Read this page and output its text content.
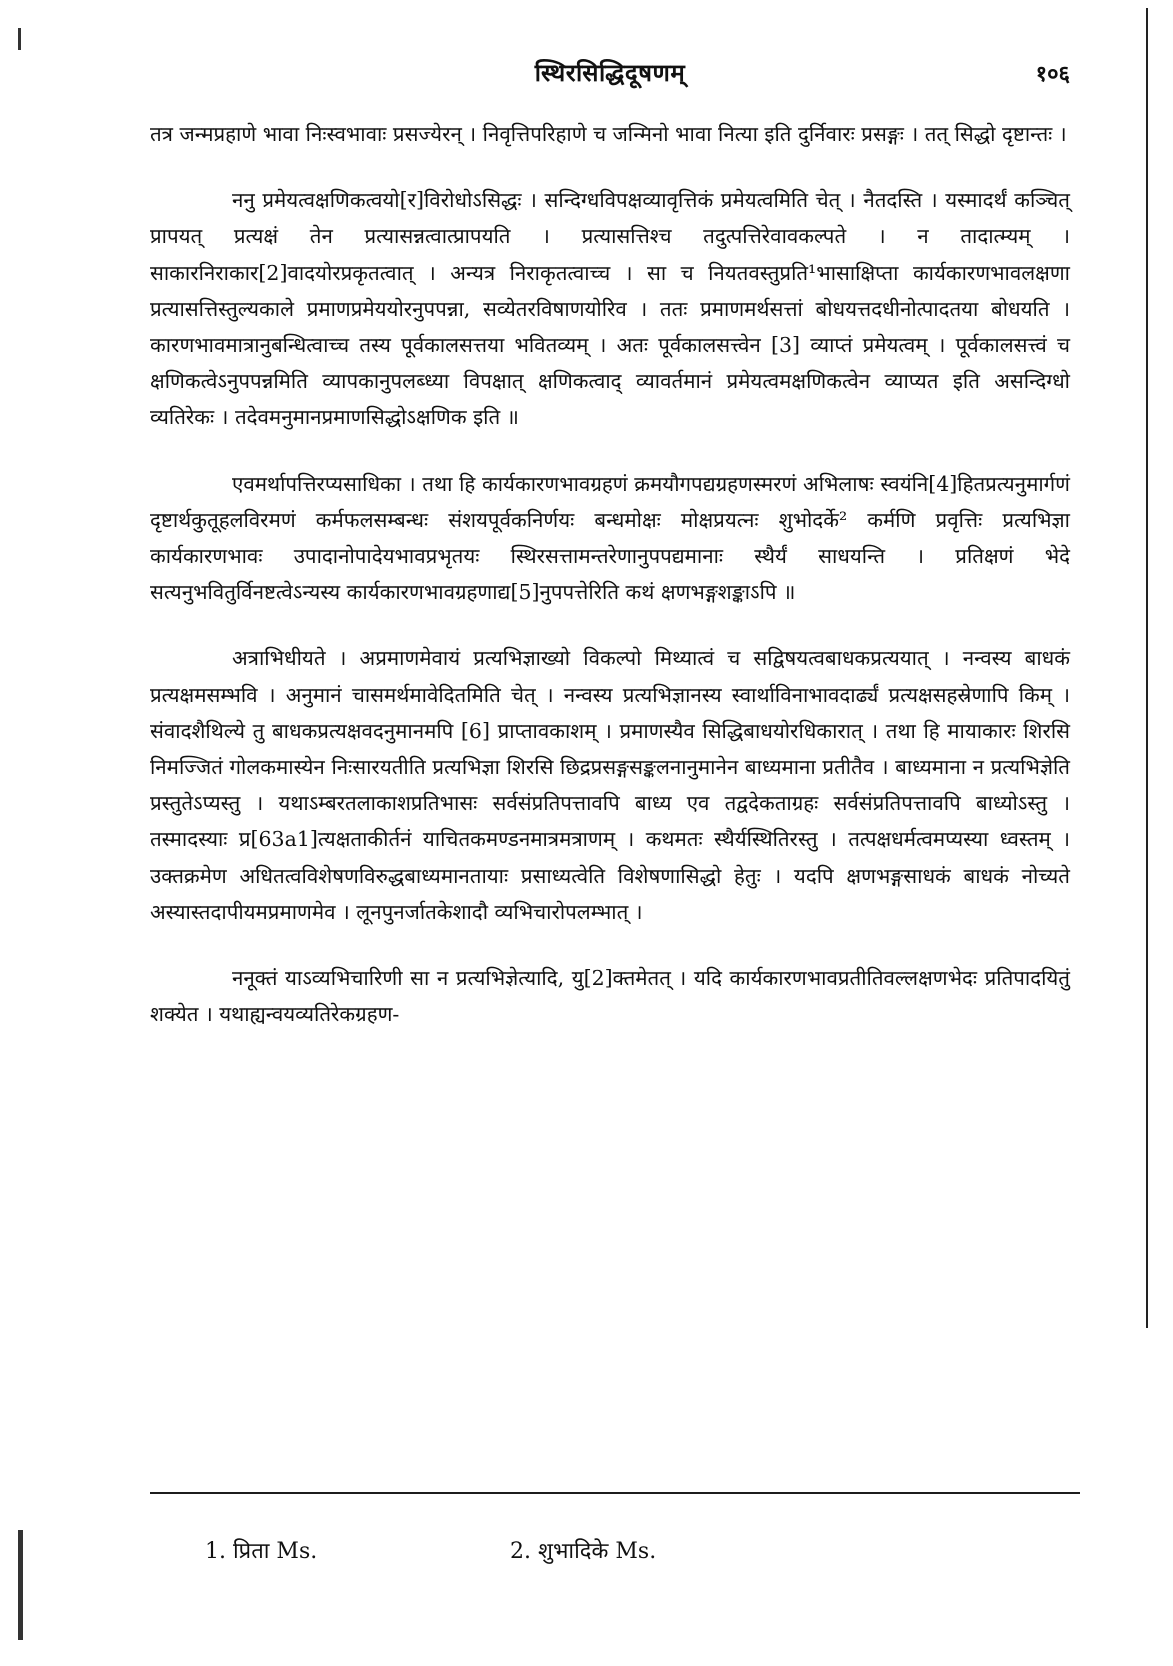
स्थिरसिद्धिदूषणम्	१०६

तत्र जन्मप्रहाणे भावा निःस्वभावाः प्रसज्येरन् । निवृत्तिपरिहाणे च जन्मिनो भावा नित्या इति दुर्निवारः प्रसङ्गः । तत् सिद्धो दृष्टान्तः ।

ननु प्रमेयत्वक्षणिकत्वयो[र]विरोधोऽसिद्धः । सन्दिग्धविपक्षव्यावृत्तिकं प्रमेयत्वमिति चेत् । नैतदस्ति । यस्मादर्थं कञ्चित् प्रापयत् प्रत्यक्षं तेन प्रत्यासन्नत्वात्प्रापयति । प्रत्यासत्तिश्च तदुत्पत्तिरेवावकल्पते । न तादात्म्यम् । साकारनिराकार[2]वादयोरप्रकृतत्वात् । अन्यत्र निराकृतत्वाच्च । सा च नियतवस्तुप्रति¹भासाक्षिप्ता कार्यकारणभावलक्षणा प्रत्यासत्तिस्तुल्यकाले प्रमाणप्रमेययोरनुपपन्ना, सव्येतरविषाणयोरिव । ततः प्रमाणमर्थसत्तां बोधयत्तदधीनोत्पादतया बोधयति । कारणभावमात्रानुबन्धित्वाच्च तस्य पूर्वकालसत्तया भवितव्यम् । अतः पूर्वकालसत्त्वेन [3] व्याप्तं प्रमेयत्वम् । पूर्वकालसत्त्वं च क्षणिकत्वेऽनुपपन्नमिति व्यापकानुपलब्ध्या विपक्षात् क्षणिकत्वाद् व्यावर्तमानं प्रमेयत्वमक्षणिकत्वेन व्याप्यत इति असन्दिग्धो व्यतिरेकः । तदेवमनुमानप्रमाणसिद्धोऽक्षणिक इति ॥

एवमर्थापत्तिरप्यसाधिका । तथा हि कार्यकारणभावग्रहणं क्रमयौगपद्यग्रहणस्मरणं अभिलाषः स्वयंनि[4]हितप्रत्यनुमार्गणं दृष्टार्थकुतूहलविरमणं कर्मफलसम्बन्धः संशयपूर्वकनिर्णयः बन्धमोक्षः मोक्षप्रयत्नः शुभोदर्के² कर्मणि प्रवृत्तिः प्रत्यभिज्ञा कार्यकारणभावः उपादानोपादेयभावप्रभृतयः स्थिरसत्तामन्तरेणानुपपद्यमानाः स्थैर्यं साधयन्ति । प्रतिक्षणं भेदे सत्यनुभवितुर्विनष्टत्वेऽन्यस्य कार्यकारणभावग्रहणाद्य[5]नुपपत्तेरिति कथं क्षणभङ्गशङ्काऽपि ॥

अत्राभिधीयते । अप्रमाणमेवायं प्रत्यभिज्ञाख्यो विकल्पो मिथ्यात्वं च सद्विषयत्वबाधकप्रत्ययात् । नन्वस्य बाधकं प्रत्यक्षमसम्भवि । अनुमानं चासमर्थमावेदितमिति चेत् । नन्वस्य प्रत्यभिज्ञानस्य स्वार्थाविनाभावदार्ढ्यं प्रत्यक्षसहस्रेणापि किम् । संवादशैथिल्ये तु बाधकप्रत्यक्षवदनुमानमपि [6] प्राप्तावकाशम् । प्रमाणस्यैव सिद्धिबाधयोरधिकारात् । तथा हि मायाकारः शिरसि निमज्जितं गोलकमास्येन निःसारयतीति प्रत्यभिज्ञा शिरसि छिद्रप्रसङ्गसङ्कलनानुमानेन बाध्यमाना प्रतीतैव । बाध्यमाना न प्रत्यभिज्ञेति प्रस्तुतेऽप्यस्तु । यथाऽम्बरतलाकाशप्रतिभासः सर्वसंप्रतिपत्तावपि बाध्य एव तद्वदेकताग्रहः सर्वसंप्रतिपत्तावपि बाध्योऽस्तु । तस्मादस्याः प्र[63a1]त्यक्षताकीर्तनं याचितकमण्डनमात्रमत्राणम् । कथमतः स्थैर्यस्थितिरस्तु । तत्पक्षधर्मत्वमप्यस्या ध्वस्तम् । उक्तक्रमेण अधितत्वविशेषणविरुद्धबाध्यमानतायाः प्रसाध्यत्वेति विशेषणासिद्धो हेतुः । यदपि क्षणभङ्गसाधकं बाधकं नोच्यते अस्यास्तदापीयमप्रमाणमेव । लूनपुनर्जातकेशादौ व्यभिचारोपलम्भात् ।

ननूक्तं याऽव्यभिचारिणी सा न प्रत्यभिज्ञेत्यादि, यु[2]क्तमेतत् । यदि कार्यकारणभावप्रतीतिवल्लक्षणभेदः प्रतिपादयितुं शक्येत । यथाह्यन्वयव्यतिरेकग्रहण-

1. प्रिता Ms.	2. शुभादिके Ms.
